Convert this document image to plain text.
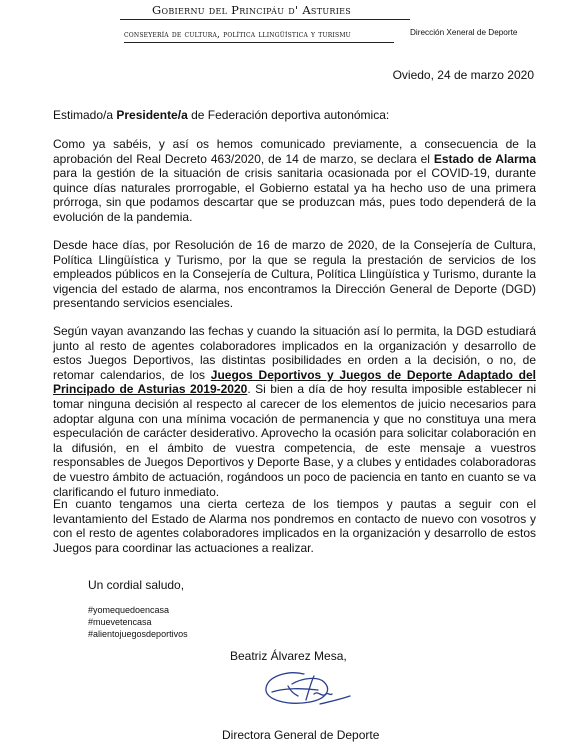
Gobiernu del Principáu d' Asturies
conseyería de cultura, política llingüística y turismu	Dirección Xeneral de Deporte
Oviedo, 24 de marzo 2020
Estimado/a Presidente/a de Federación deportiva autonómica:
Como ya sabéis, y así os hemos comunicado previamente, a consecuencia de la aprobación del Real Decreto 463/2020, de 14 de marzo, se declara el Estado de Alarma para la gestión de la situación de crisis sanitaria ocasionada por el COVID-19, durante quince días naturales prorrogable, el Gobierno estatal ya ha hecho uso de una primera prórroga, sin que podamos descartar que se produzcan más, pues todo dependerá de la evolución de la pandemia.
Desde hace días, por Resolución de 16 de marzo de 2020, de la Consejería de Cultura, Política Llingüística y Turismo, por la que se regula la prestación de servicios de los empleados públicos en la Consejería de Cultura, Política Llingüística y Turismo, durante la vigencia del estado de alarma, nos encontramos la Dirección General de Deporte (DGD) presentando servicios esenciales.
Según vayan avanzando las fechas y cuando la situación así lo permita, la DGD estudiará junto al resto de agentes colaboradores implicados en la organización y desarrollo de estos Juegos Deportivos, las distintas posibilidades en orden a la decisión, o no, de retomar calendarios, de los Juegos Deportivos y Juegos de Deporte Adaptado del Principado de Asturias 2019-2020. Si bien a día de hoy resulta imposible establecer ni tomar ninguna decisión al respecto al carecer de los elementos de juicio necesarios para adoptar alguna con una mínima vocación de permanencia y que no constituya una mera especulación de carácter desiderativo. Aprovecho la ocasión para solicitar colaboración en la difusión, en el ámbito de vuestra competencia, de este mensaje a vuestros responsables de Juegos Deportivos y Deporte Base, y a clubes y entidades colaboradoras de vuestro ámbito de actuación, rogándoos un poco de paciencia en tanto en cuanto se va clarificando el futuro inmediato.
En cuanto tengamos una cierta certeza de los tiempos y pautas a seguir con el levantamiento del Estado de Alarma nos pondremos en contacto de nuevo con vosotros y con el resto de agentes colaboradores implicados en la organización y desarrollo de estos Juegos para coordinar las actuaciones a realizar.
Un cordial saludo,
#yomequedoencasa
#muevetencasa
#alientojuegosdeportivos
Beatriz Álvarez Mesa,
Directora General de Deporte
